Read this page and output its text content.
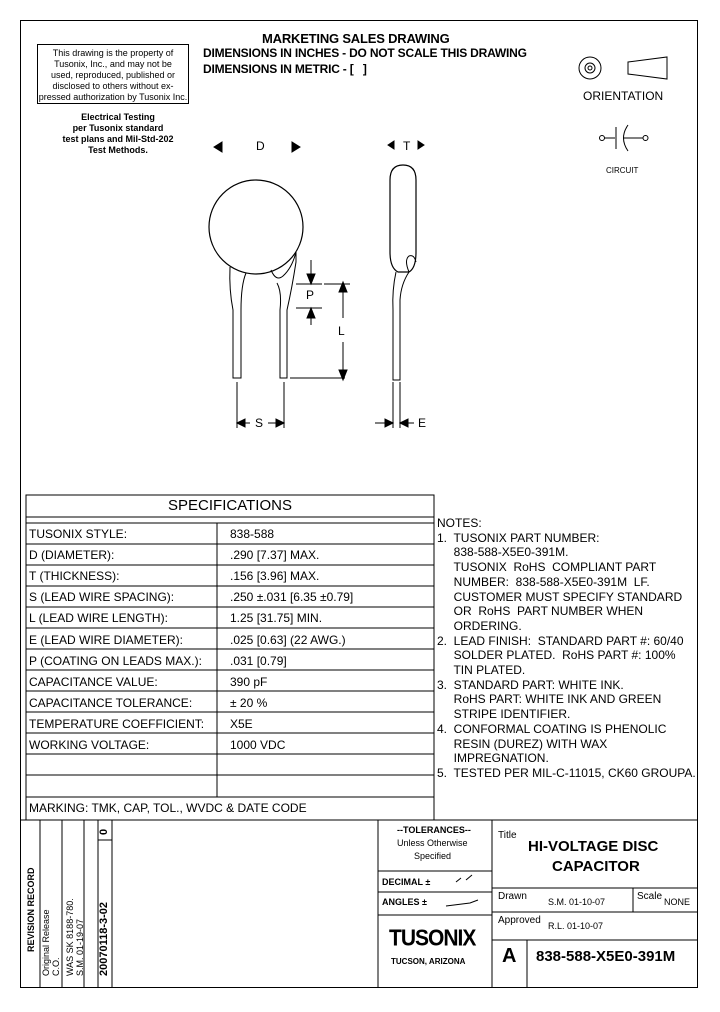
MARKETING SALES DRAWING
DIMENSIONS IN INCHES - DO NOT SCALE THIS DRAWING
DIMENSIONS IN METRIC - [   ]
This drawing is the property of
Tusonix, Inc., and may not be
used, reproduced, published or
disclosed to others without ex-
pressed authorization by Tusonix Inc.
Electrical Testing
per Tusonix standard
test plans and Mil-Std-202
Test Methods.	D	T
P
L
S	E
ORIENTATION
CIRCUIT
SPECIFICATIONS
TUSONIX STYLE:	838-588
D (DIAMETER):	.290 [7.37] MAX.
T (THICKNESS):	.156 [3.96] MAX.
S (LEAD WIRE SPACING):	.250 ±.031 [6.35 ±0.79]
L (LEAD WIRE LENGTH):	1.25 [31.75] MIN.
E (LEAD WIRE DIAMETER):	.025 [0.63] (22 AWG.)
P (COATING ON LEADS MAX.): .031 [0.79]
CAPACITANCE VALUE:	390 pF
CAPACITANCE TOLERANCE:	± 20 %
TEMPERATURE COEFFICIENT: X5E
WORKING VOLTAGE:	1000 VDC
MARKING: TMK, CAP, TOL., WVDC & DATE CODE
NOTES:
1.  TUSONIX PART NUMBER:
838-588-X5E0-391M.
TUSONIX  RoHS  COMPLIANT PART
NUMBER:  838-588-X5E0-391M  LF.
CUSTOMER MUST SPECIFY STANDARD
OR  RoHS  PART NUMBER WHEN
ORDERING.
2.  LEAD FINISH:  STANDARD PART #: 60/40
SOLDER PLATED.  RoHS PART #: 100%
TIN PLATED.
3.  STANDARD PART: WHITE INK.
RoHS PART: WHITE INK AND GREEN
STRIPE IDENTIFIER.
4.  CONFORMAL COATING IS PHENOLIC
RESIN (DUREZ) WITH WAX
IMPREGNATION.
5.  TESTED PER MIL-C-11015, CK60 GROUPA.
REVISION RECORD Original Release C.O. WAS SK 8188-780. S.M. 01-19-07 20070118-3-02
0	--TOLERANCES--
Unless Otherwise
Specified
DECIMAL ±
ANGLES ±
TUSONIX
TUCSON, ARIZONA
Title
HI-VOLTAGE DISC
CAPACITOR
Drawn S.M. 01-10-07	Scale NONE
Approved R.L. 01-10-07
A 838-588-X5E0-391M
